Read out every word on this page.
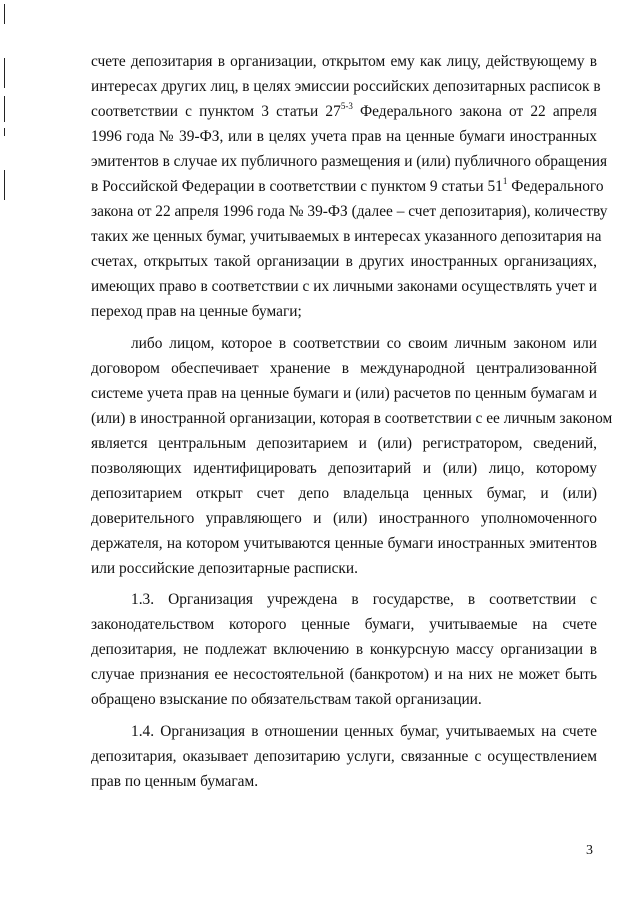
счете депозитария в организации, открытом ему как лицу, действующему в
интересах других лиц, в целях эмиссии российских депозитарных расписок в
соответствии с пунктом 3 статьи 27$^{5-3}$ Федерального закона от 22 апреля
1996 года № 39-ФЗ, или в целях учета прав на ценные бумаги иностранных
эмитентов в случае их публичного размещения и (или) публичного обращения
в Российской Федерации в соответствии с пунктом 9 статьи $51^1$ Федерального
закона от 22 апреля 1996 года № 39-ФЗ (далее – счет депозитария), количеству
таких же ценных бумаг, учитываемых в интересах указанного депозитария на
счетах, открытых такой организации в других иностранных организациях,
имеющих право в соответствии с их личными законами осуществлять учет и
переход прав на ценные бумаги;
либо лицом, которое в соответствии со своим личным законом или
договором обеспечивает хранение в международной централизованной
системе учета прав на ценные бумаги и (или) расчетов по ценным бумагам и
(или) в иностранной организации, которая в соответствии с ее личным законом
является центральным депозитарием и (или) регистратором, сведений,
позволяющих идентифицировать депозитарий и (или) лицо, которому
депозитарием открыт счет депо владельца ценных бумаг, и (или)
доверительного управляющего и (или) иностранного уполномоченного
держателя, на котором учитываются ценные бумаги иностранных эмитентов
или российские депозитарные расписки.
1.3. Организация учреждена в государстве, в соответствии с
законодательством которого ценные бумаги, учитываемые на счете
депозитария, не подлежат включению в конкурсную массу организации в
случае признания ее несостоятельной (банкротом) и на них не может быть
обращено взыскание по обязательствам такой организации.
1.4. Организация в отношении ценных бумаг, учитываемых на счете
депозитария, оказывает депозитарию услуги, связанные с осуществлением
прав по ценным бумагам.
3
